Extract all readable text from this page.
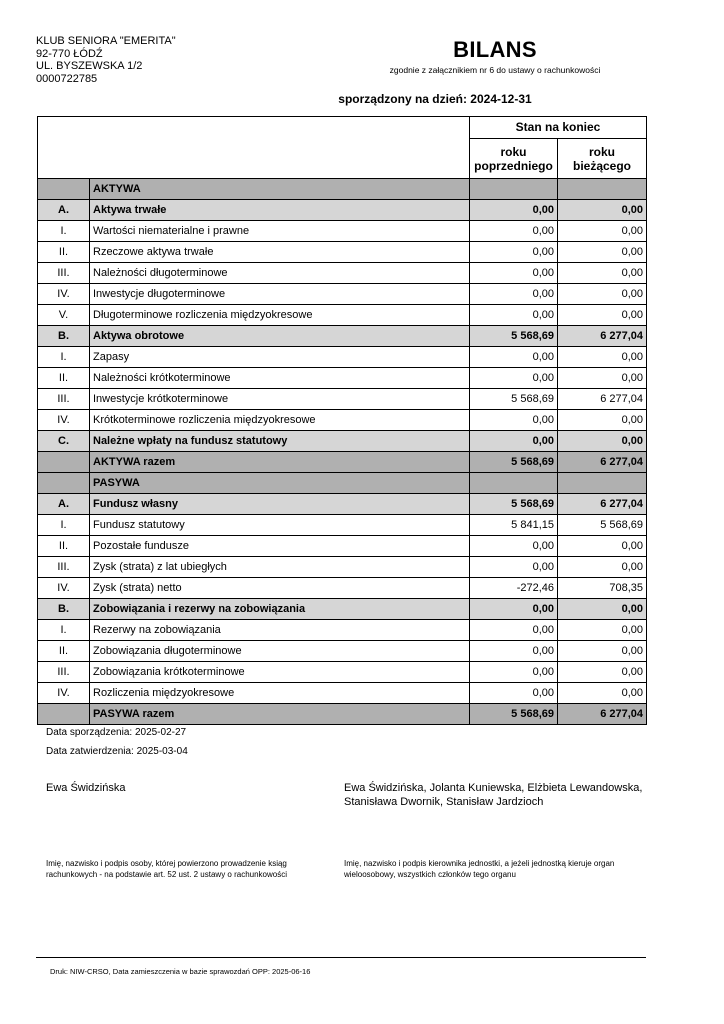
KLUB SENIORA "EMERITA"
92-770 ŁÓDŹ
UL. BYSZEWSKA 1/2
0000722785
BILANS
zgodnie z załącznikiem nr 6 do ustawy o rachunkowości
sporządzony na dzień: 2024-12-31
		Stan na koniec	
		roku poprzedniego	roku bieżącego
	AKTYWA		
A.	Aktywa trwałe	0,00	0,00
I.	Wartości niematerialne i prawne	0,00	0,00
II.	Rzeczowe aktywa trwałe	0,00	0,00
III.	Należności długoterminowe	0,00	0,00
IV.	Inwestycje długoterminowe	0,00	0,00
V.	Długoterminowe rozliczenia międzyokresowe	0,00	0,00
B.	Aktywa obrotowe	5 568,69	6 277,04
I.	Zapasy	0,00	0,00
II.	Należności krótkoterminowe	0,00	0,00
III.	Inwestycje krótkoterminowe	5 568,69	6 277,04
IV.	Krótkoterminowe rozliczenia międzyokresowe	0,00	0,00
C.	Należne wpłaty na fundusz statutowy	0,00	0,00
	AKTYWA razem	5 568,69	6 277,04
	PASYWA		
A.	Fundusz własny	5 568,69	6 277,04
I.	Fundusz statutowy	5 841,15	5 568,69
II.	Pozostałe fundusze	0,00	0,00
III.	Zysk (strata) z lat ubiegłych	0,00	0,00
IV.	Zysk (strata) netto	-272,46	708,35
B.	Zobowiązania i rezerwy na zobowiązania	0,00	0,00
I.	Rezerwy na zobowiązania	0,00	0,00
II.	Zobowiązania długoterminowe	0,00	0,00
III.	Zobowiązania krótkoterminowe	0,00	0,00
IV.	Rozliczenia międzyokresowe	0,00	0,00
	PASYWA razem	5 568,69	6 277,04
Data sporządzenia: 2025-02-27
Data zatwierdzenia: 2025-03-04
Ewa Świdzińska	Ewa Świdzińska, Jolanta Kuniewska, Elżbieta Lewandowska, Stanisława Dwornik, Stanisław Jardzioch
Imię, nazwisko i podpis osoby, której powierzono prowadzenie ksiąg rachunkowych - na podstawie art. 52 ust. 2 ustawy o rachunkowości
Imię, nazwisko i podpis kierownika jednostki, a jeżeli jednostką kieruje organ wieloosobowy, wszystkich członków tego organu
Druk: NIW-CRSO, Data zamieszczenia w bazie sprawozdań OPP: 2025-06-16
